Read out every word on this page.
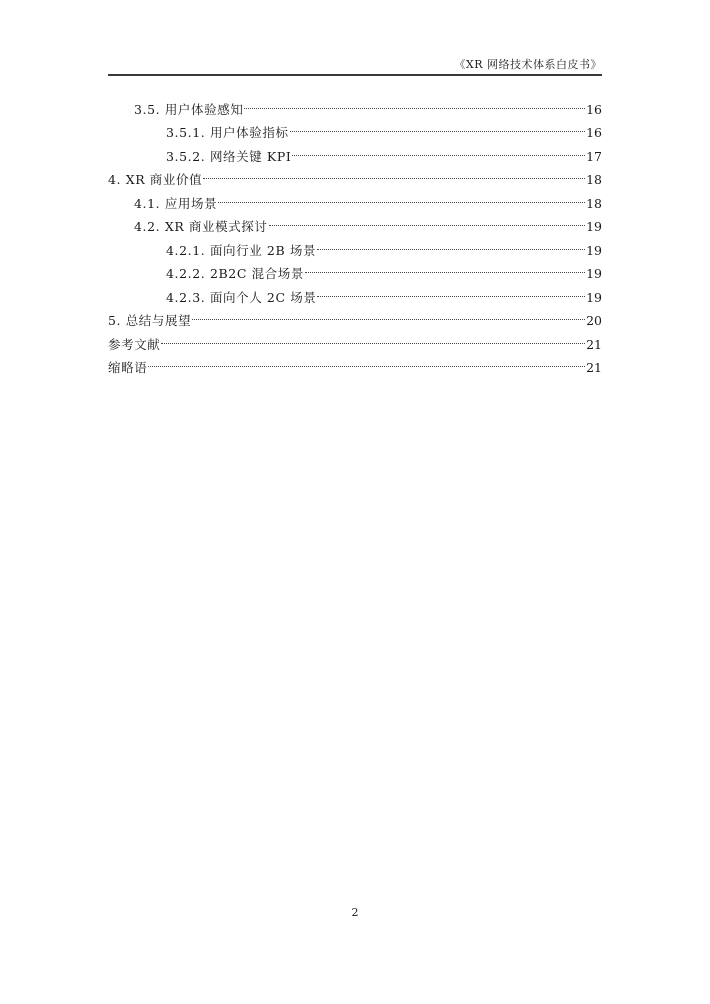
《XR 网络技术体系白皮书》
3.5. 用户体验感知	16
3.5.1. 用户体验指标	16
3.5.2. 网络关键 KPI	17
4. XR 商业价值	18
4.1. 应用场景	18
4.2. XR 商业模式探讨	19
4.2.1. 面向行业 2B 场景	19
4.2.2. 2B2C 混合场景	19
4.2.3. 面向个人 2C 场景	19
5. 总结与展望	20
参考文献	21
缩略语	21
2
